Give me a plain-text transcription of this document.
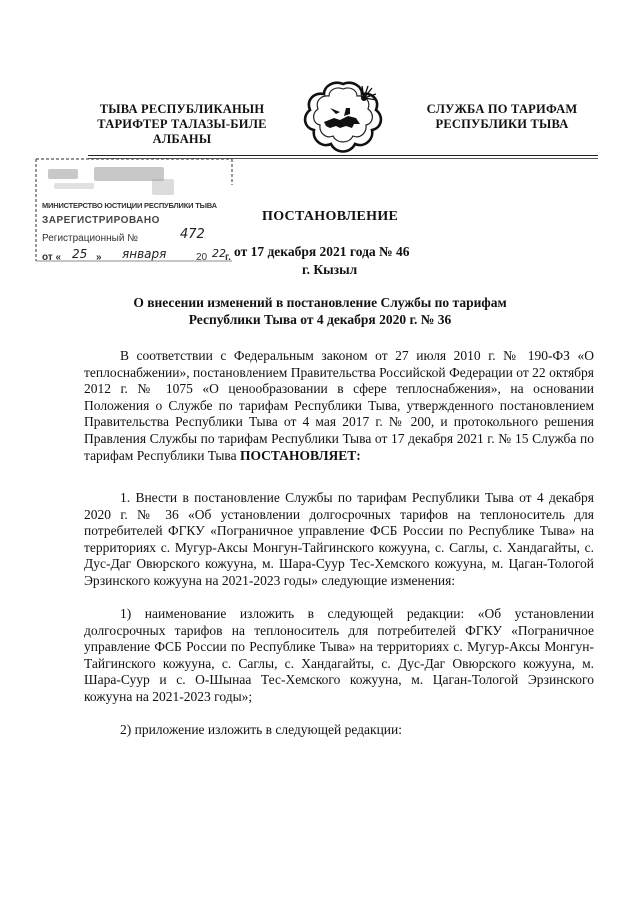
ТЫВА РЕСПУБЛИКАНЫН
ТАРИФТЕР ТАЛАЗЫ-БИЛЕ
АЛБАНЫ
СЛУЖБА ПО ТАРИФАМ
РЕСПУБЛИКИ ТЫВА
МИНИСТЕРСТВО ЮСТИЦИИ РЕСПУБЛИКИ ТЫВА
ЗАРЕГИСТРИРОВАНО
Регистрационный №	472
от « 25 » января	20 22 г.
ПОСТАНОВЛЕНИЕ
от 17 декабря 2021 года № 46
г. Кызыл
О внесении изменений в постановление Службы по тарифам
Республики Тыва от 4 декабря 2020 г. № 36

В соответствии с Федеральным законом от 27 июля 2010 г. № 190-ФЗ «О теплоснабжении», постановлением Правительства Российской Федерации от 22 октября 2012 г. № 1075 «О ценообразовании в сфере теплоснабжения», на основании Положения о Службе по тарифам Республики Тыва, утвержденного постановлением Правительства Республики Тыва от 4 мая 2017 г. № 200, и протокольного решения Правления Службы по тарифам Республики Тыва от 17 декабря 2021 г. № 15 Служба по тарифам Республики Тыва ПОСТАНОВЛЯЕТ:

1. Внести в постановление Службы по тарифам Республики Тыва от 4 декабря 2020 г. № 36 «Об установлении долгосрочных тарифов на теплоноситель для потребителей ФГКУ «Пограничное управление ФСБ России по Республике Тыва» на территориях с. Мугур-Аксы Монгун-Тайгинского кожууна, с. Саглы, с. Хандагайты, с. Дус-Даг Овюрского кожууна, м. Шара-Суур Тес-Хемского кожууна, м. Цаган-Тологой Эрзинского кожууна на 2021-2023 годы» следующие изменения:

1) наименование изложить в следующей редакции: «Об установлении долгосрочных тарифов на теплоноситель для потребителей ФГКУ «Пограничное управление ФСБ России по Республике Тыва» на территориях с. Мугур-Аксы Монгун-Тайгинского кожууна, с. Саглы, с. Хандагайты, с. Дус-Даг Овюрского кожууна, м. Шара-Суур и с. О-Шынаа Тес-Хемского кожууна, м. Цаган-Тологой Эрзинского кожууна на 2021-2023 годы»;

2) приложение изложить в следующей редакции:
